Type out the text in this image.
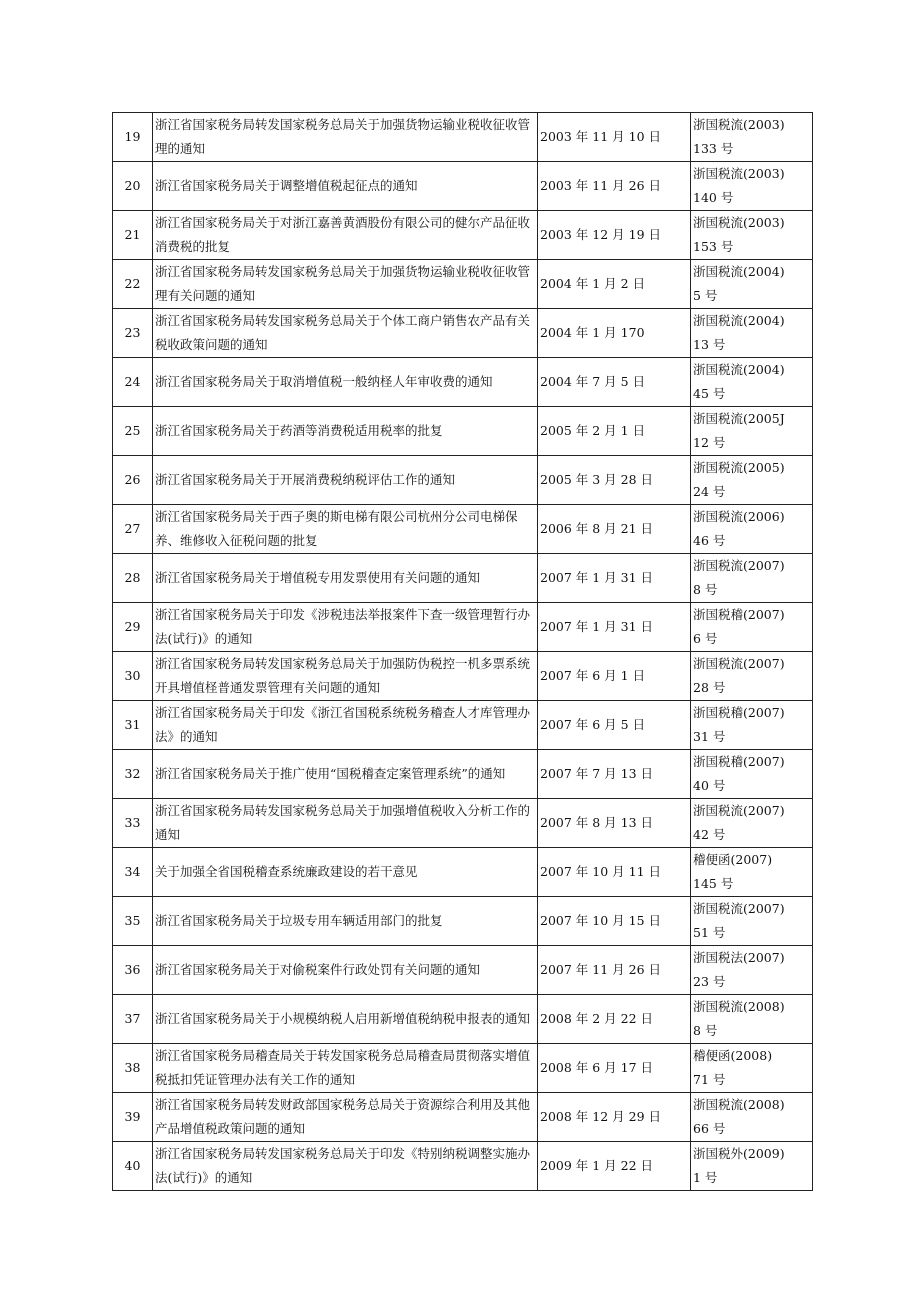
19	浙江省国家税务局转发国家税务总局关于加强货物运输业税收征收管理的通知	2003 年 11 月 10 日	浙国税流(2003)
133 号

20	浙江省国家税务局关于调整增值税起征点的通知	2003 年 11 月 26 日	浙国税流(2003)
140 号

21	浙江省国家税务局关于对浙江嘉善黄酒股份有限公司的健尔产品征收消费税的批复	2003 年 12 月 19 日	浙国税流(2003)
153 号

22	浙江省国家税务局转发国家税务总局关于加强货物运输业税收征收管理有关问题的通知	2004 年 1 月 2 日	浙国税流(2004)
5 号

23	浙江省国家税务局转发国家税务总局关于个体工商户销售农产品有关税收政策问题的通知	2004 年 1 月 170	浙国税流(2004)
13 号

24	浙江省国家税务局关于取消增值税一般纳柽人年审收费的通知	2004 年 7 月 5 日	浙国税流(2004)
45 号

25	浙江省国家税务局关于药酒等消费税适用税率的批复	2005 年 2 月 1 日	浙国税流(2005J
12 号

26	浙江省国家税务局关于开展消费税纳税评估工作的通知	2005 年 3 月 28 日	浙国税流(2005)
24 号

27	浙江省国家税务局关于西子奥的斯电梯有限公司杭州分公司电梯保养、维修收入征税问题的批复	2006 年 8 月 21 日	浙国税流(2006)
46 号

28	浙江省国家税务局关于增值税专用发票使用有关问题的通知	2007 年 1 月 31 日	浙国税流(2007)
8 号

29	浙江省国家税务局关于印发《涉税违法举报案件下查一级管理暂行办法(试行)》的通知	2007 年 1 月 31 日	浙国税稽(2007)
6 号

30	浙江省国家税务局转发国家税务总局关于加强防伪税控一机多票系统开具增值柽普通发票管理有关问题的通知	2007 年 6 月 1 日	浙国税流(2007)
28 号

31	浙江省国家税务局关于印发《浙江省国税系统税务稽查人才库管理办法》的通知	2007 年 6 月 5 日	浙国税稽(2007)
31 号

32	浙江省国家税务局关于推广使用“国税稽查定案管理系统”的通知	2007 年 7 月 13 日	浙国税稽(2007)
40 号

33	浙江省国家税务局转发国家税务总局关于加强增值税收入分析工作的通知	2007 年 8 月 13 日	浙国税流(2007)
42 号

34	关于加强全省国税稽查系统廉政建设的若干意见	2007 年 10 月 11 日	稽便函(2007)
145 号

35	浙江省国家税务局关于垃圾专用车辆适用部门的批复	2007 年 10 月 15 日	浙国税流(2007)
51 号

36	浙江省国家税务局关于对偷税案件行政处罚有关问题的通知	2007 年 11 月 26 日	浙国税法(2007)
23 号

37	浙江省国家税务局关于小规模纳税人启用新增值税纳税申报表的通知	2008 年 2 月 22 日	浙国税流(2008)
8 号

38	浙江省国家税务局稽查局关于转发国家税务总局稽查局贯彻落实增值税抵扣凭证管理办法有关工作的通知	2008 年 6 月 17 日	稽便函(2008)
71 号

39	浙江省国家税务局转发财政部国家税务总局关于资源综合利用及其他产品增值税政策问题的通知	2008 年 12 月 29 日	浙国税流(2008)
66 号

40	浙江省国家税务局转发国家税务总局关于印发《特别纳税调整实施办法(试行)》的通知	2009 年 1 月 22 日	浙国税外(2009)
1 号
